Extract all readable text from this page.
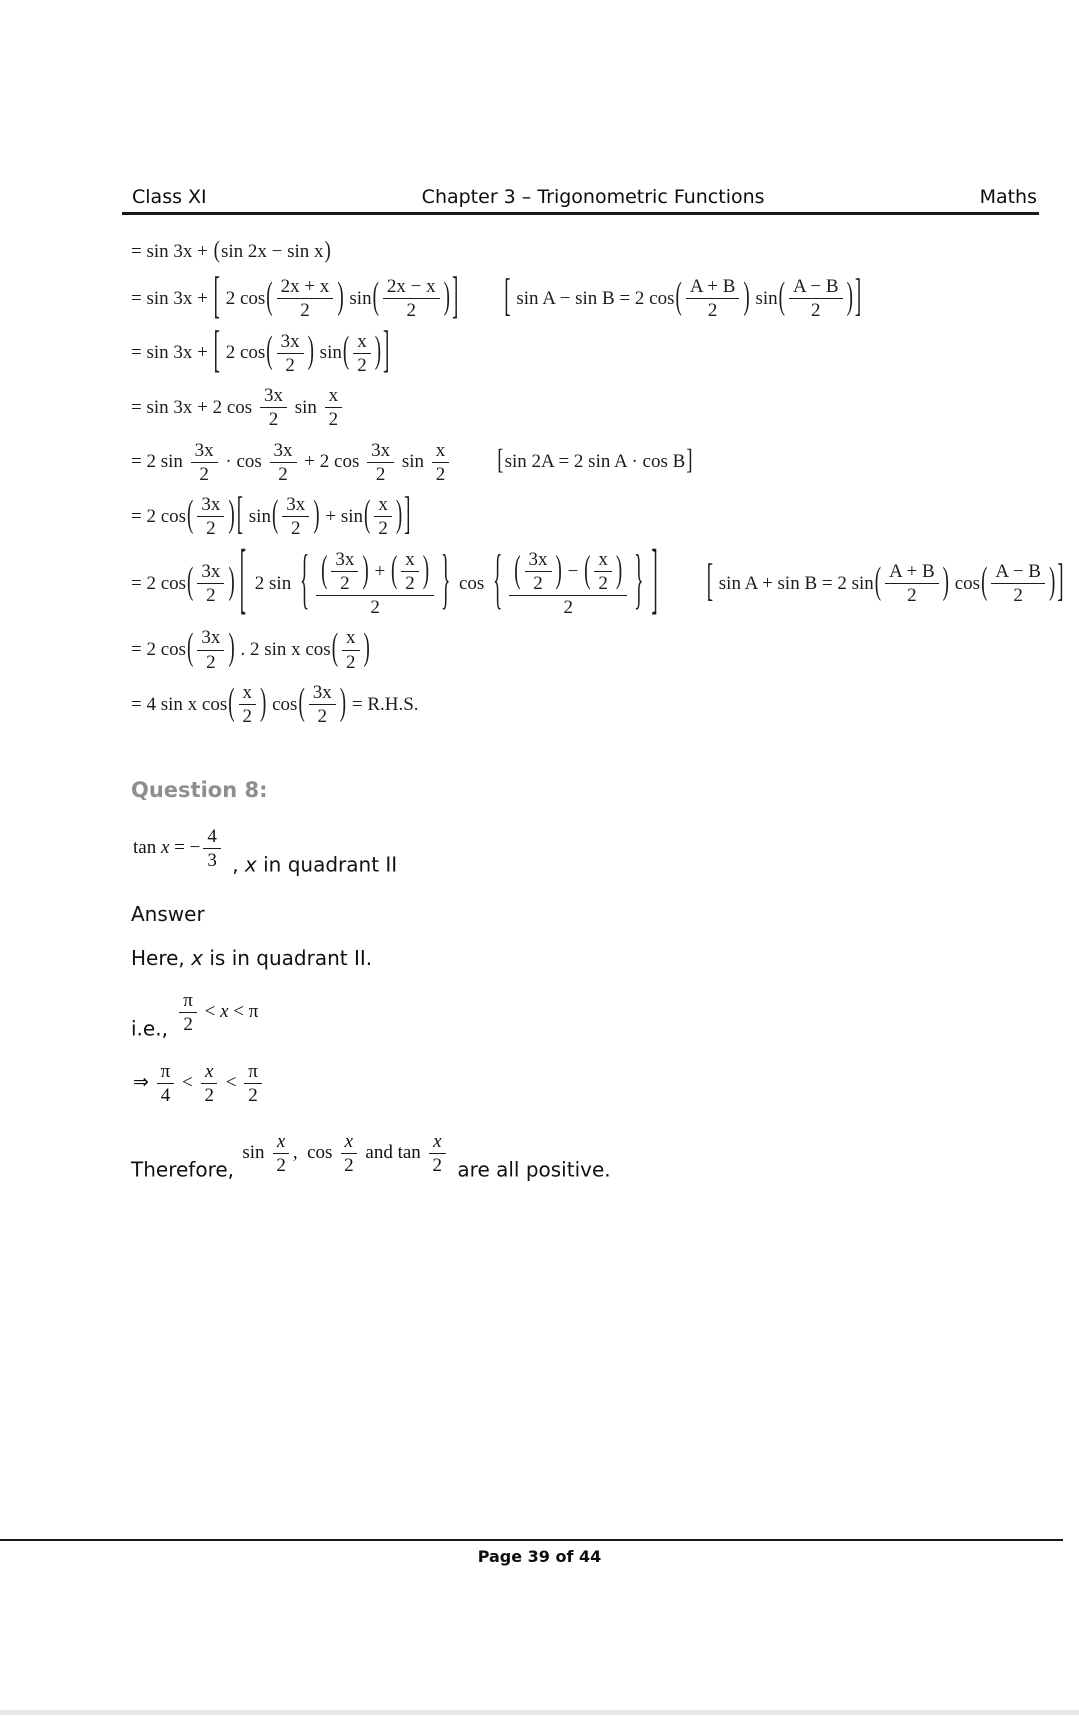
Class XI	Chapter 3 – Trigonometric Functions	Maths
= sin 3x + ( sin 2x − sin x )
= sin 3x + [ 2 cos ( $\frac{2x + x}{2}$ ) sin ( $\frac{2x - x}{2}$ ) ] [ sin A − sin B = 2 cos ( $\frac{A + B}{2}$ ) sin ( $\frac{A - B}{2}$ ) ]
= sin 3x + [ 2 cos ( $\frac{3x}{2}$ ) sin ( $\frac{x}{2}$ ) ]
= sin 3x + 2 $\cos \frac{3x}{2}$ $\sin \frac{x}{2}$
= 2 $\sin \frac{3x}{2} \cdot \cos \frac{3x}{2} + 2$ $\cos \frac{3x}{2}$ $\sin \frac{x}{2}$	[ sin 2A = 2 sin A · cos B ]
= 2 cos ( $\frac{3x}{2}$ ) [ sin ( $\frac{3x}{2}$ ) + sin ( $\frac{x}{2}$ ) ]
= 2 cos ( $\frac{3x}{2}$ ) [ 2 sin { $\frac{( \frac{3x}{2} ) + ( \frac{x}{2} )}{2}$ } cos { $\frac{( \frac{3x}{2} ) - ( \frac{x}{2} )}{2}$ } ]	[ sin A + sin B = 2 sin ( $\frac{A + B}{2}$ ) cos ( $\frac{A - B}{2}$ ) ]
= 2 cos ( $\frac{3x}{2}$ ) . 2 sin x cos ( $\frac{x}{2}$ )
= 4 sin x cos ( $\frac{x}{2}$ ) cos ( $\frac{3x}{2}$ ) = R.H.S.
Question 8:
tan x = − $\frac{4}{3}$ , x in quadrant II
Answer
Here, x is in quadrant II.
i.e., $\frac{\pi}{2} < x < \pi$
⇒ $\frac{\pi}{4} < \frac{x}{2} < \frac{\pi}{2}$
Therefore, $\sin \frac{x}{2}$ ,  $\cos \frac{x}{2}$ and $\tan \frac{x}{2}$ are all positive.
Page 39 of 44
